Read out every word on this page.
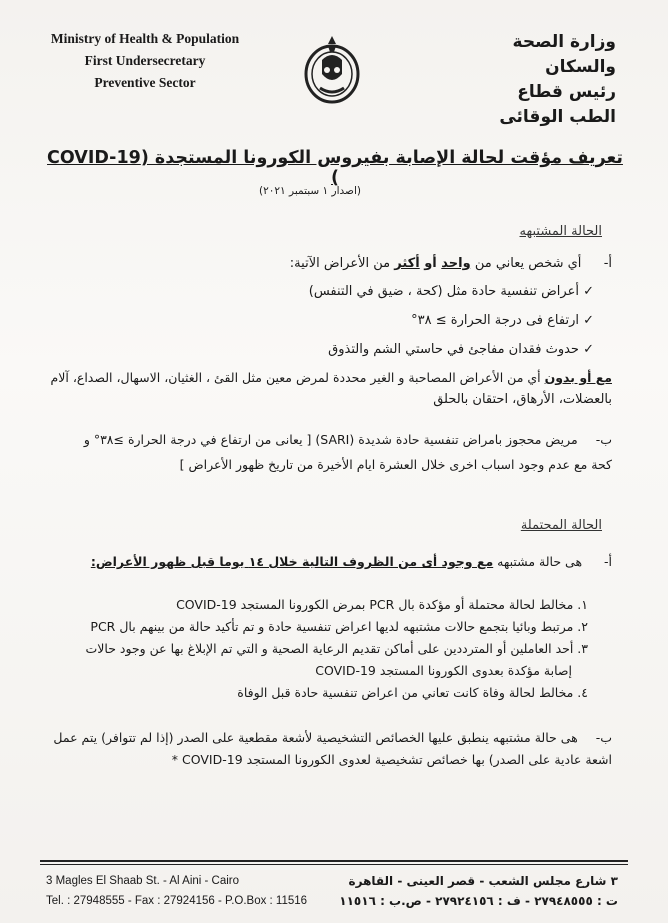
Ministry of Health & Population
First Undersecretary
Preventive Sector
وزارة الصحة والسكان
رئيس قطاع
الطب الوقائى
تعريف مؤقت لحالة الإصابة بفيروس الكورونا المستجدة (COVID-19 )
(اصدار ١ سبتمبر ٢٠٢١)
الحالة المشتبهه
أ-  أي شخص يعاني من واحد أو أكثر من الأعراض الآتية:
✓ أعراض تنفسية حادة مثل (كحة ، ضيق في التنفس)
✓ ارتفاع فى درجة الحرارة ≥ ٣٨°
✓ حدوث فقدان مفاجئ في حاستي الشم والتذوق
مع أو بدون أي من الأعراض المصاحبة و الغير محددة لمرض معين مثل القئ ، الغثيان، الاسهال، الصداع، آلام
بالعضلات، الأرهاق، احتقان بالحلق
ب-  مريض محجوز بامراض تنفسية حادة شديدة (SARI) [ يعانى من ارتفاع في درجة الحرارة ≥٣٨° و
كحة مع عدم وجود اسباب اخرى خلال العشرة ايام الأخيرة من تاريخ ظهور الأعراض ]
الحالة المحتملة
أ-  هى حالة مشتبهه مع وجود أى من الظروف التالية خلال ١٤ يوما قبل ظهور الأعراض:
١. مخالط لحالة محتملة أو مؤكدة بال PCR بمرض الكورونا المستجد COVID-19
٢. مرتبط وبائيا بتجمع حالات مشتبهه لديها اعراض تنفسية حادة و تم تأكيد حالة من بينهم بال PCR
٣. أحد العاملين أو المترددين على أماكن تقديم الرعاية الصحية و التي تم الإبلاغ بها عن وجود حالات
إصابة مؤكدة بعدوى الكورونا المستجد COVID-19
٤. مخالط لحالة وفاة كانت تعاني من اعراض تنفسية حادة قبل الوفاة
ب-  هى حالة مشتبهه ينطبق عليها الخصائص التشخيصية لأشعة مقطعية على الصدر (إذا لم تتوافر) يتم عمل
اشعة عادية على الصدر) بها خصائص تشخيصية لعدوى الكورونا المستجد COVID-19 *
3 Magles El Shaab St. - Al Aini - Cairo
Tel. : 27948555 - Fax : 27924156 - P.O.Box : 11516
٣ شارع مجلس الشعب - قصر العينى - القاهرة
ت : ٢٧٩٤٨٥٥٥ - ف : ٢٧٩٢٤١٥٦ - ص.ب : ١١٥١٦
